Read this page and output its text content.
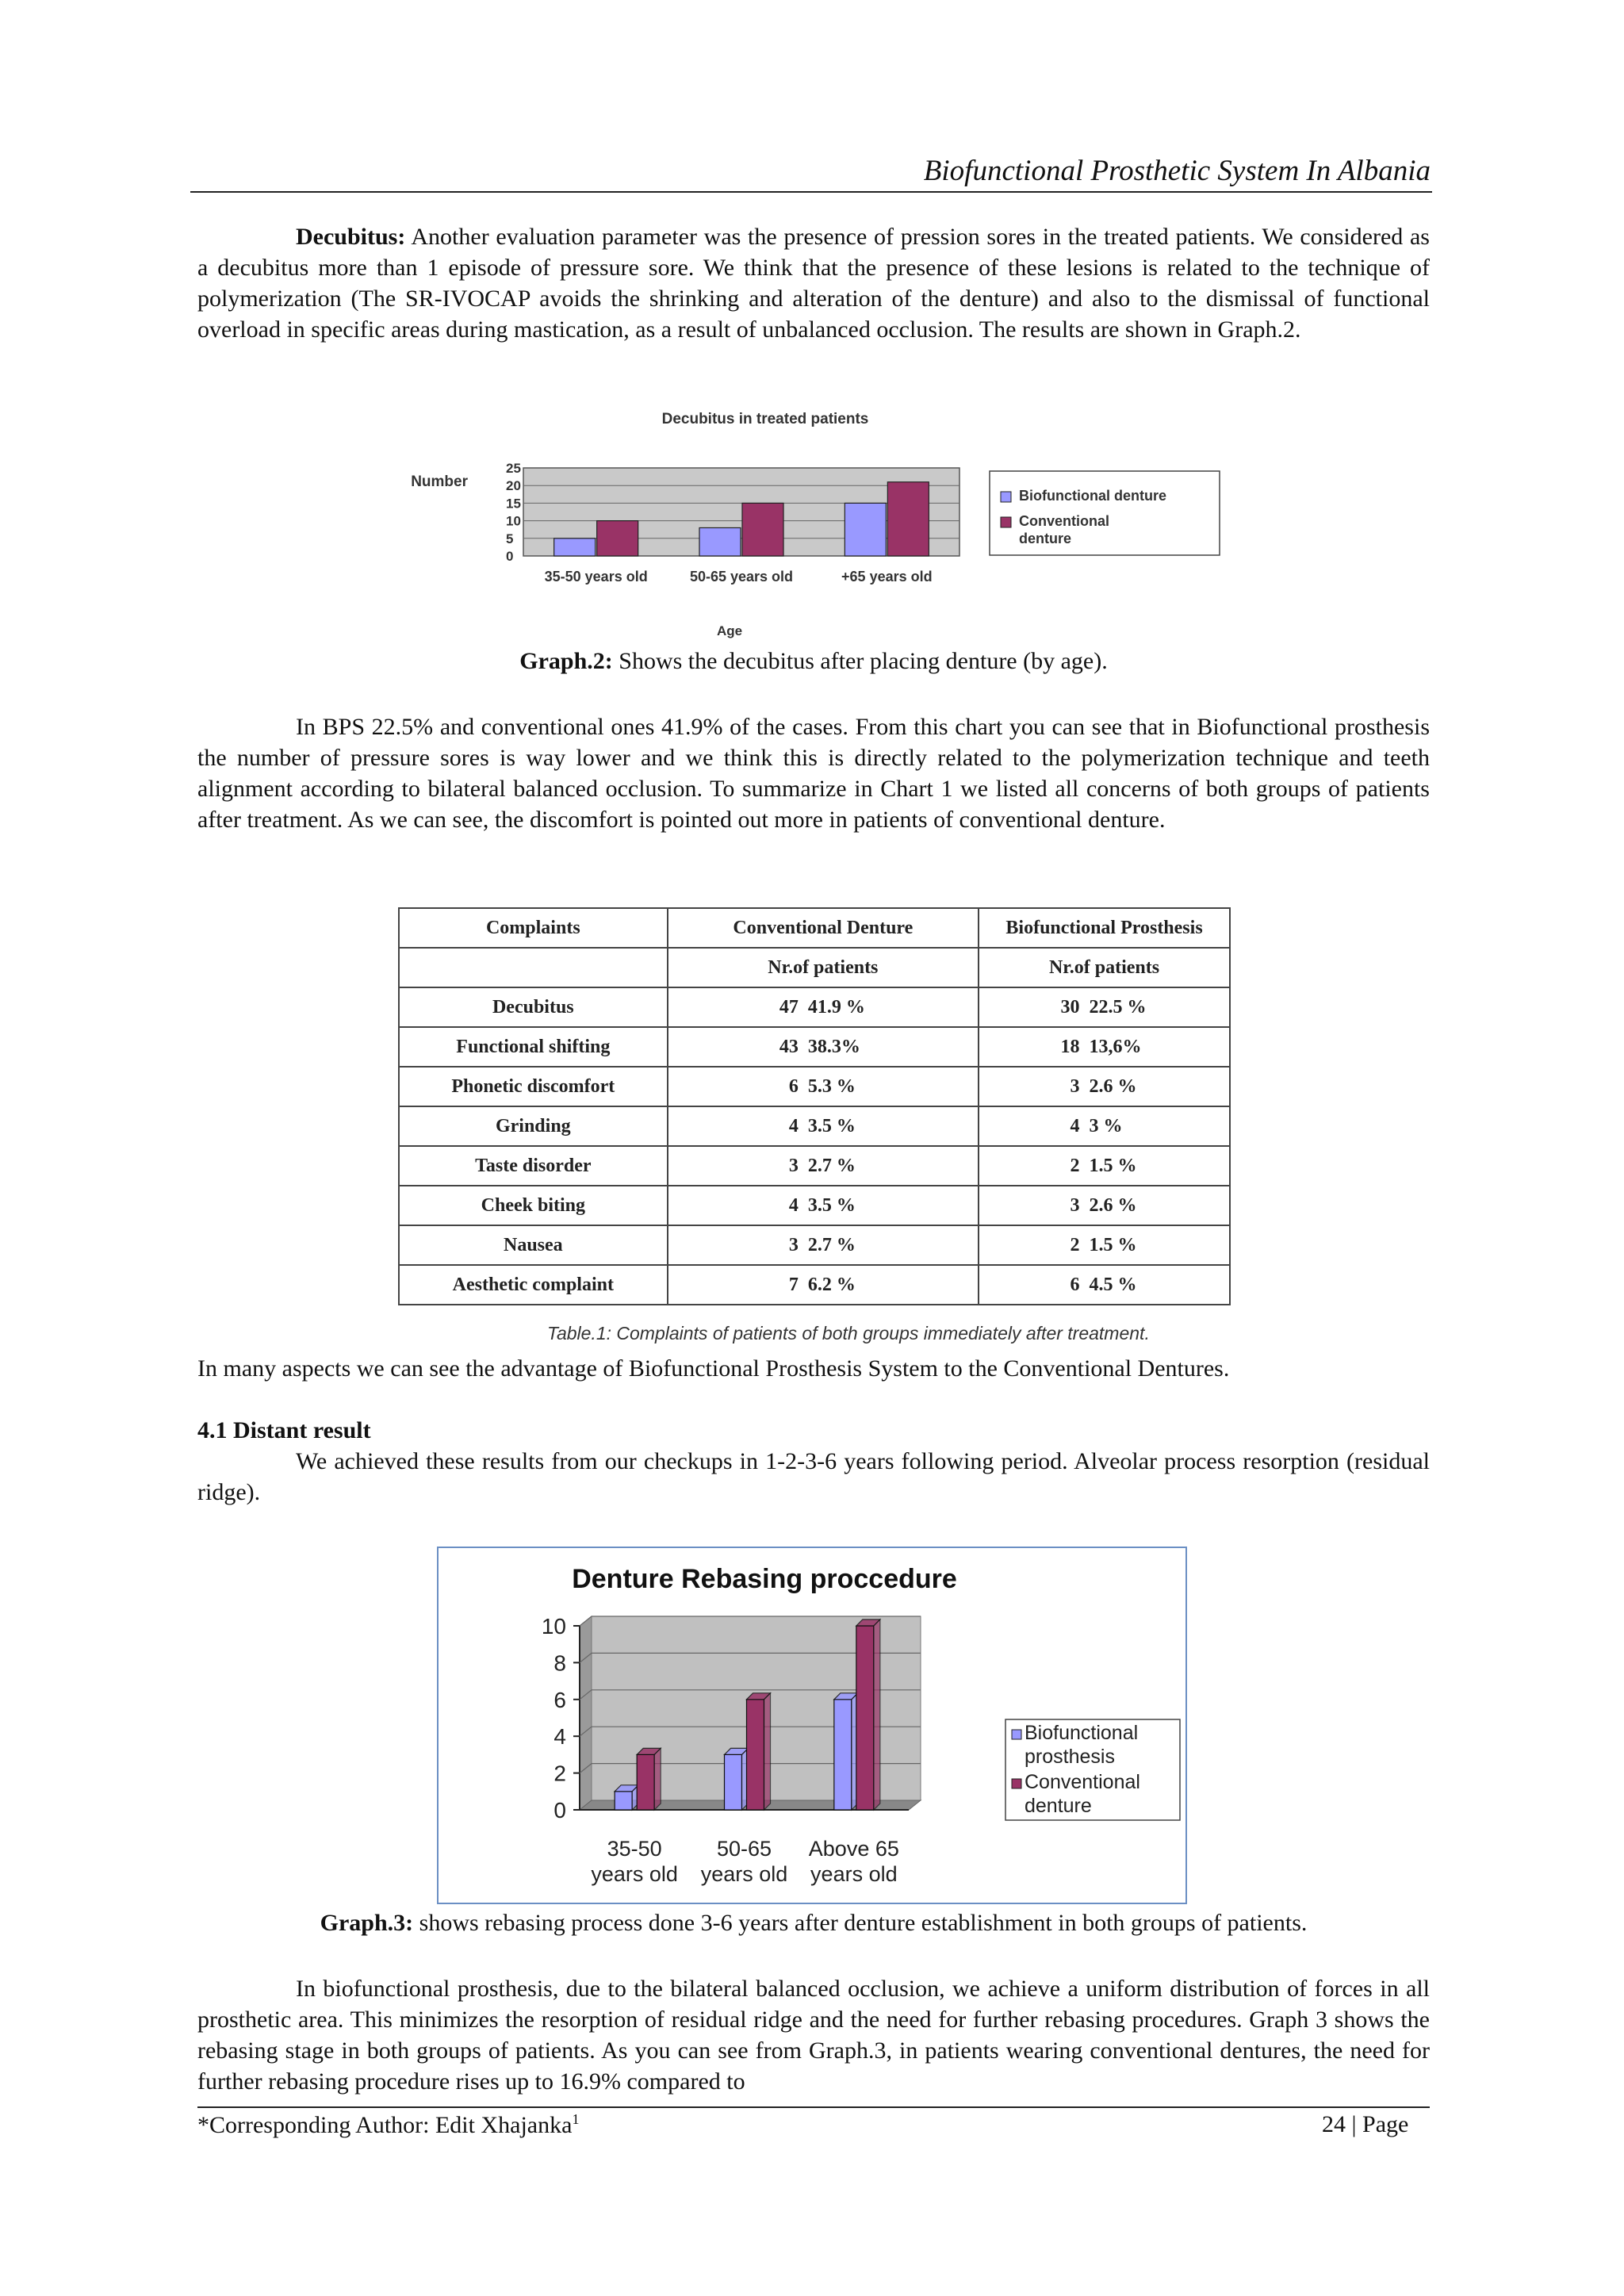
Biofunctional Prosthetic System In Albania
Decubitus: Another evaluation parameter was the presence of pression sores in the treated patients. We considered as a decubitus more than 1 episode of pressure sore. We think that the presence of these lesions is related to the technique of polymerization (The SR-IVOCAP avoids the shrinking and alteration of the denture) and also to the dismissal of functional overload in specific areas during mastication, as a result of unbalanced occlusion. The results are shown in Graph.2.
Decubitus in treated patients
Number
25
20
15
10
5
0
35-50 years old	50-65 years old	+65 years old
Age
Biofunctional denture
Conventional denture
Graph.2: Shows the decubitus after placing denture (by age).
In BPS 22.5% and conventional ones 41.9% of the cases. From this chart you can see that in Biofunctional prosthesis the number of pressure sores is way lower and we think this is directly related to the polymerization technique and teeth alignment according to bilateral balanced occlusion. To summarize in Chart 1 we listed all concerns of both groups of patients after treatment. As we can see, the discomfort is pointed out more in patients of conventional denture.
Complaints	Conventional Denture	Biofunctional Prosthesis
	Nr.of patients	Nr.of patients
Decubitus	47 41.9 %	30 22.5 %
Functional shifting	43 38.3%	18 13,6%
Phonetic discomfort	6 5.3 %	3 2.6 %
Grinding	4 3.5 %	4 3 %
Taste disorder	3 2.7 %	2 1.5 %
Cheek biting	4 3.5 %	3 2.6 %
Nausea	3 2.7 %	2 1.5 %
Aesthetic complaint	7 6.2 %	6 4.5 %
Table.1: Complaints of patients of both groups immediately after treatment.
In many aspects we can see the advantage of Biofunctional Prosthesis System to the Conventional Dentures.
4.1 Distant result
We achieved these results from our checkups in 1-2-3-6 years following period. Alveolar process resorption (residual ridge).
Denture Rebasing proccedure
0
2
4
6
8
10
35-50
years old
50-65
years old
Above 65
years old
Biofunctional prosthesis
Conventional denture
Graph.3: shows rebasing process done 3-6 years after denture establishment in both groups of patients.
In biofunctional prosthesis, due to the bilateral balanced occlusion, we achieve a uniform distribution of forces in all prosthetic area. This minimizes the resorption of residual ridge and the need for further rebasing procedures. Graph 3 shows the rebasing stage in both groups of patients. As you can see from Graph.3, in patients wearing conventional dentures, the need for further rebasing procedure rises up to 16.9% compared to
*Corresponding Author: Edit Xhajanka$^1$	24 | Page
